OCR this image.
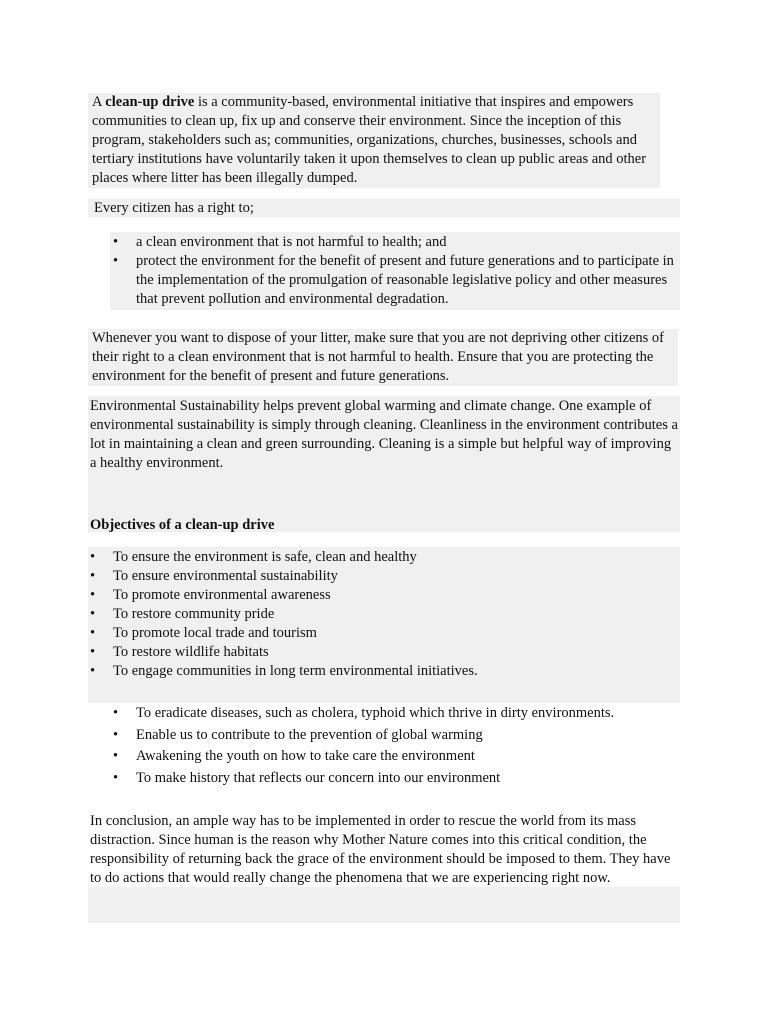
A clean-up drive is a community-based, environmental initiative that inspires and empowers communities to clean up, fix up and conserve their environment. Since the inception of this program, stakeholders such as; communities, organizations, churches, businesses, schools and tertiary institutions have voluntarily taken it upon themselves to clean up public areas and other places where litter has been illegally dumped.

Every citizen has a right to;

• a clean environment that is not harmful to health; and
• protect the environment for the benefit of present and future generations and to participate in the implementation of the promulgation of reasonable legislative policy and other measures that prevent pollution and environmental degradation.

Whenever you want to dispose of your litter, make sure that you are not depriving other citizens of their right to a clean environment that is not harmful to health. Ensure that you are protecting the environment for the benefit of present and future generations.

Environmental Sustainability helps prevent global warming and climate change. One example of environmental sustainability is simply through cleaning. Cleanliness in the environment contributes a lot in maintaining a clean and green surrounding. Cleaning is a simple but helpful way of improving a healthy environment.

Objectives of a clean-up drive

• To ensure the environment is safe, clean and healthy
• To ensure environmental sustainability
• To promote environmental awareness
• To restore community pride
• To promote local trade and tourism
• To restore wildlife habitats
• To engage communities in long term environmental initiatives.
• To eradicate diseases, such as cholera, typhoid which thrive in dirty environments.
• Enable us to contribute to the prevention of global warming
• Awakening the youth on how to take care the environment
• To make history that reflects our concern into our environment

In conclusion, an ample way has to be implemented in order to rescue the world from its mass distraction. Since human is the reason why Mother Nature comes into this critical condition, the responsibility of returning back the grace of the environment should be imposed to them. They have to do actions that would really change the phenomena that we are experiencing right now.
